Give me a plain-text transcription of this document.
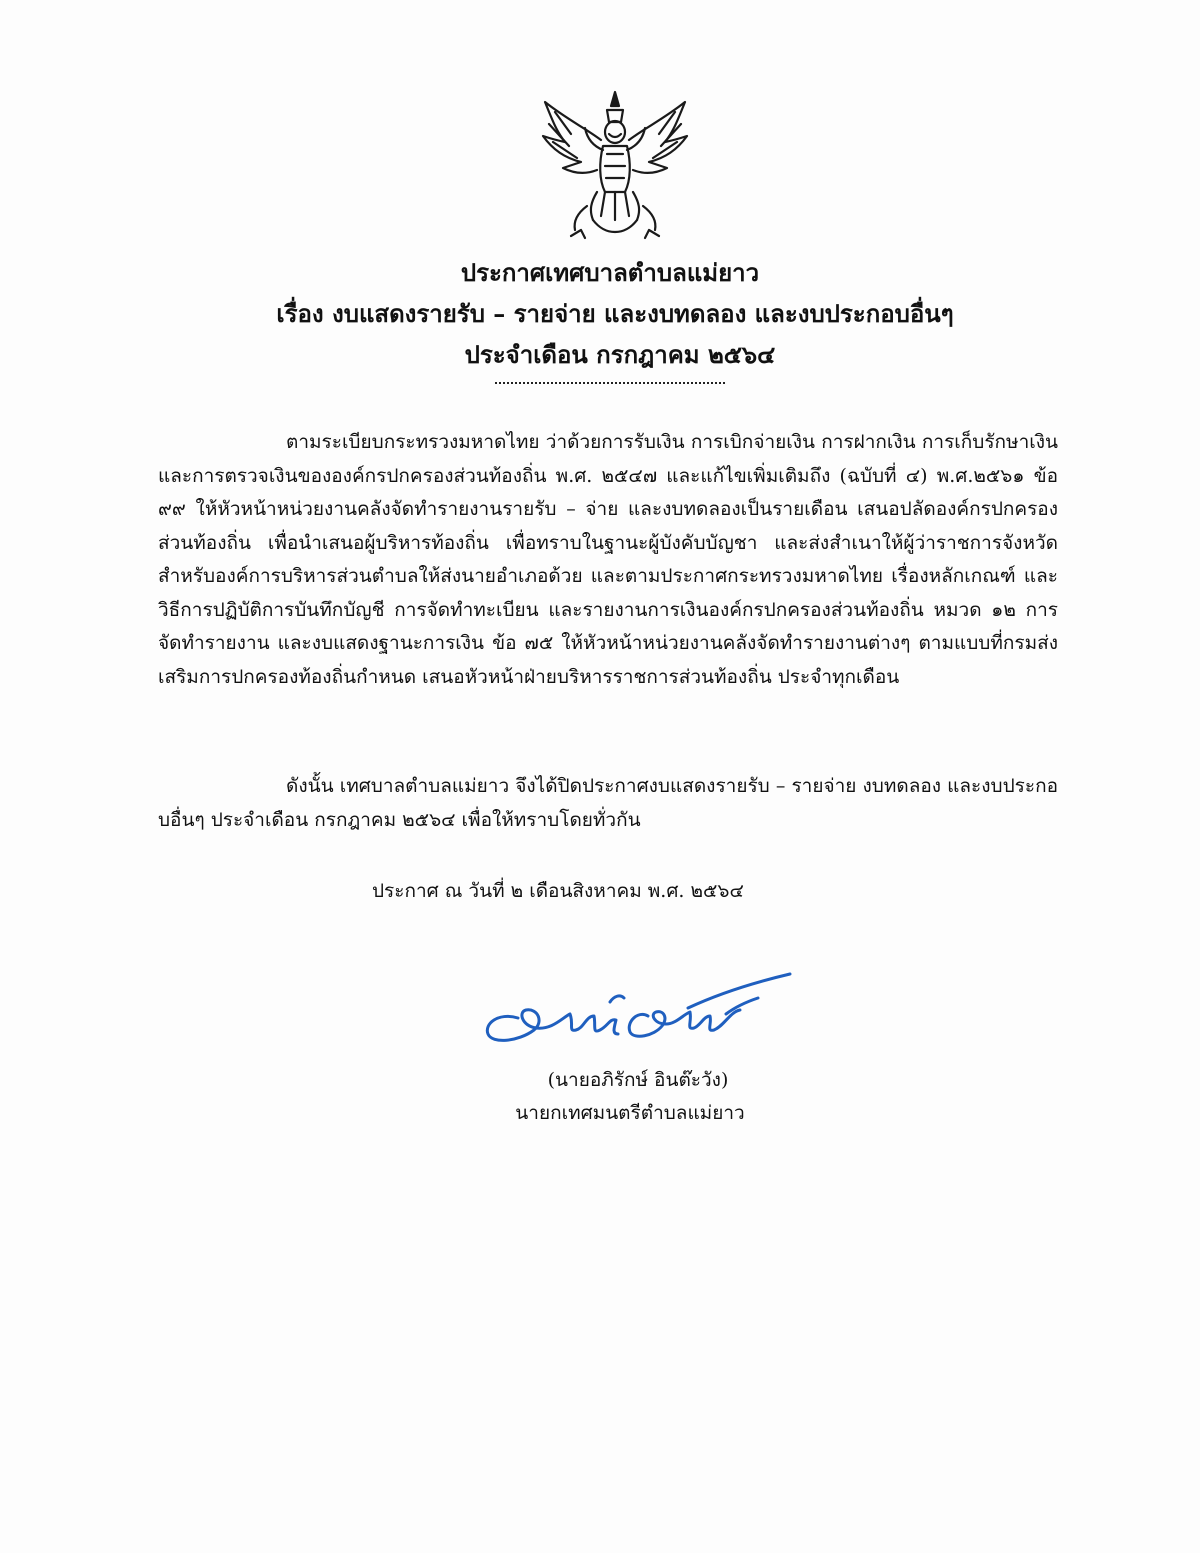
ประกาศเทศบาลตำบลแม่ยาว
เรื่อง งบแสดงรายรับ – รายจ่าย และงบทดลอง และงบประกอบอื่นๆ
ประจำเดือน กรกฎาคม ๒๕๖๔
ตามระเบียบกระทรวงมหาดไทย ว่าด้วยการรับเงิน การเบิกจ่ายเงิน การฝากเงิน การเก็บรักษาเงิน และการตรวจเงินขององค์กรปกครองส่วนท้องถิ่น พ.ศ. ๒๕๔๗ และแก้ไขเพิ่มเติมถึง (ฉบับที่ ๔) พ.ศ.๒๕๖๑ ข้อ ๙๙ ให้หัวหน้าหน่วยงานคลังจัดทำรายงานรายรับ – จ่าย และงบทดลองเป็นรายเดือน เสนอปลัดองค์กรปกครองส่วนท้องถิ่น เพื่อนำเสนอผู้บริหารท้องถิ่น เพื่อทราบในฐานะผู้บังคับบัญชา และส่งสำเนาให้ผู้ว่าราชการจังหวัด สำหรับองค์การบริหารส่วนตำบลให้ส่งนายอำเภอด้วย และตามประกาศกระทรวงมหาดไทย เรื่องหลักเกณฑ์ และวิธีการปฏิบัติการบันทึกบัญชี การจัดทำทะเบียน และรายงานการเงินองค์กรปกครองส่วนท้องถิ่น หมวด ๑๒ การจัดทำรายงาน และงบแสดงฐานะการเงิน ข้อ ๗๕ ให้หัวหน้าหน่วยงานคลังจัดทำรายงานต่างๆ ตามแบบที่กรมส่งเสริมการปกครองท้องถิ่นกำหนด เสนอหัวหน้าฝ่ายบริหารราชการส่วนท้องถิ่น ประจำทุกเดือน
ดังนั้น เทศบาลตำบลแม่ยาว จึงได้ปิดประกาศงบแสดงรายรับ – รายจ่าย งบทดลอง และงบประกอบอื่นๆ ประจำเดือน กรกฎาคม ๒๕๖๔ เพื่อให้ทราบโดยทั่วกัน
ประกาศ ณ วันที่ ๒ เดือนสิงหาคม พ.ศ. ๒๕๖๔
(นายอภิรักษ์ อินต๊ะวัง)
นายกเทศมนตรีตำบลแม่ยาว
